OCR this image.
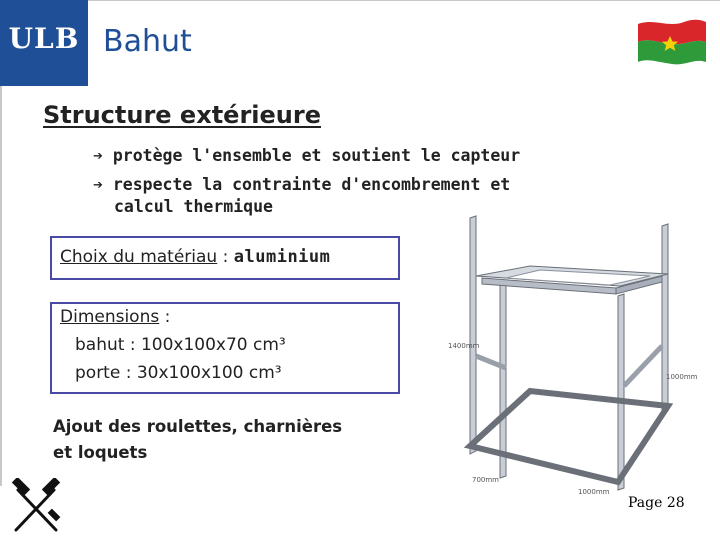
ULB Bahut
Structure extérieure
➔ protège l'ensemble et soutient le capteur
➔ respecte la contrainte d'encombrement et
calcul thermique
Choix du matériau : aluminium
Dimensions :
bahut : 100x100x70 cm³
porte : 30x100x100 cm³
Ajout des roulettes, charnières
et loquets
1400mm
1000mm
700mm
1000mm
Page 28
